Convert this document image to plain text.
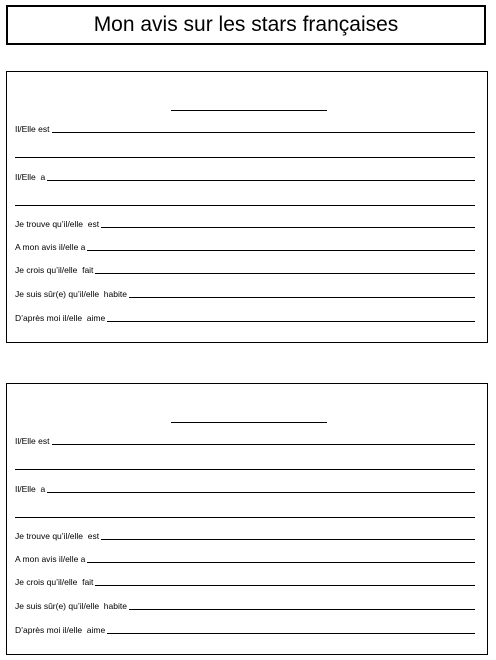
Mon avis sur les stars françaises
Il/Elle est
Il/Elle  a
Je trouve qu’il/elle  est
A mon avis il/elle a
Je crois qu’il/elle  fait
Je suis sûr(e) qu’il/elle  habite
D’après moi il/elle  aime
Il/Elle est
Il/Elle  a
Je trouve qu’il/elle  est
A mon avis il/elle a
Je crois qu’il/elle  fait
Je suis sûr(e) qu’il/elle  habite
D’après moi il/elle  aime
